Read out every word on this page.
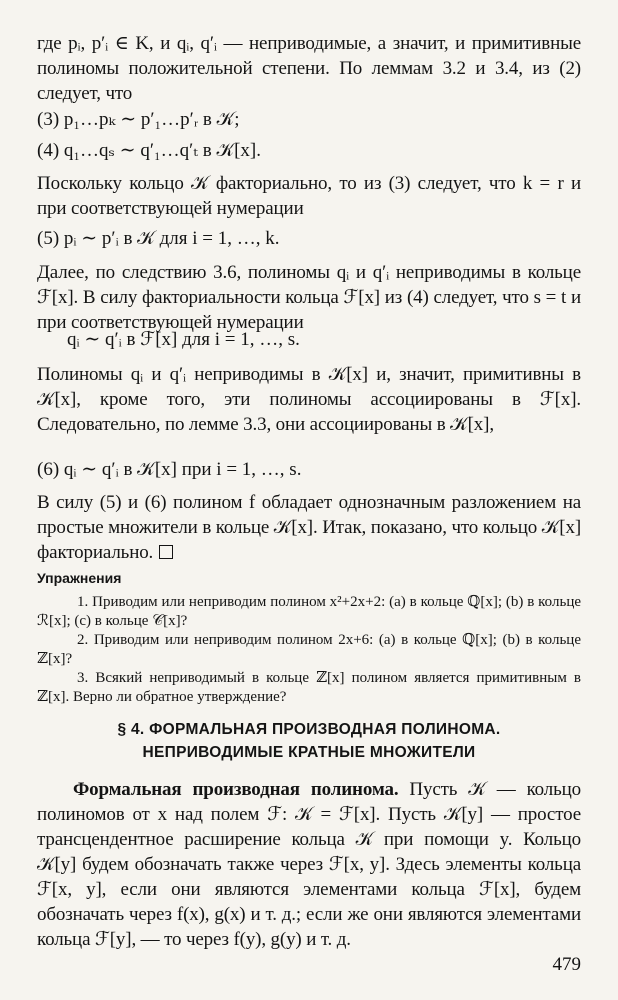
где pᵢ, p′ᵢ ∈ K, и qᵢ, q′ᵢ — неприводимые, а значит, и примитивные полиномы положительной степени. По леммам 3.2 и 3.4, из (2) следует, что

(3) p₁…pₖ ∼ p′₁…p′ᵣ в 𝒦;
(4) q₁…qₛ ∼ q′₁…q′ₜ в 𝒦[x].

Поскольку кольцо 𝒦 факториально, то из (3) следует, что k = r и при соответствующей нумерации

(5) pᵢ ∼ p′ᵢ в 𝒦 для i = 1, …, k.

Далее, по следствию 3.6, полиномы qᵢ и q′ᵢ неприводимы в кольце ℱ[x]. В силу факториальности кольца ℱ[x] из (4) следует, что s = t и при соответствующей нумерации

qᵢ ∼ q′ᵢ в ℱ[x] для i = 1, …, s.

Полиномы qᵢ и q′ᵢ неприводимы в 𝒦[x] и, значит, примитивны в 𝒦[x], кроме того, эти полиномы ассоциированы в ℱ[x]. Следовательно, по лемме 3.3, они ассоциированы в 𝒦[x],

(6) qᵢ ∼ q′ᵢ в 𝒦[x] при i = 1, …, s.

В силу (5) и (6) полином f обладает однозначным разложением на простые множители в кольце 𝒦[x]. Итак, показано, что кольцо 𝒦[x] факториально.

Упражнения
1. Приводим или неприводим полином x²+2x+2: (a) в кольце ℚ[x]; (b) в кольце ℛ[x]; (c) в кольце 𝒞[x]?
2. Приводим или неприводим полином 2x+6: (a) в кольце ℚ[x]; (b) в кольце ℤ[x]?
3. Всякий неприводимый в кольце ℤ[x] полином является примитивным в ℤ[x]. Верно ли обратное утверждение?
§ 4. ФОРМАЛЬНАЯ ПРОИЗВОДНАЯ ПОЛИНОМА.
НЕПРИВОДИМЫЕ КРАТНЫЕ МНОЖИТЕЛИ

Формальная производная полинома. Пусть 𝒦 — кольцо полиномов от x над полем ℱ: 𝒦 = ℱ[x]. Пусть 𝒦[y] — простое трансцендентное расширение кольца 𝒦 при помощи y. Кольцо 𝒦[y] будем обозначать также через ℱ[x, y]. Здесь элементы кольца ℱ[x, y], если они являются элементами кольца ℱ[x], будем обозначать через f(x), g(x) и т. д.; если же они являются элементами кольца ℱ[y], — то через f(y), g(y) и т. д.

479
